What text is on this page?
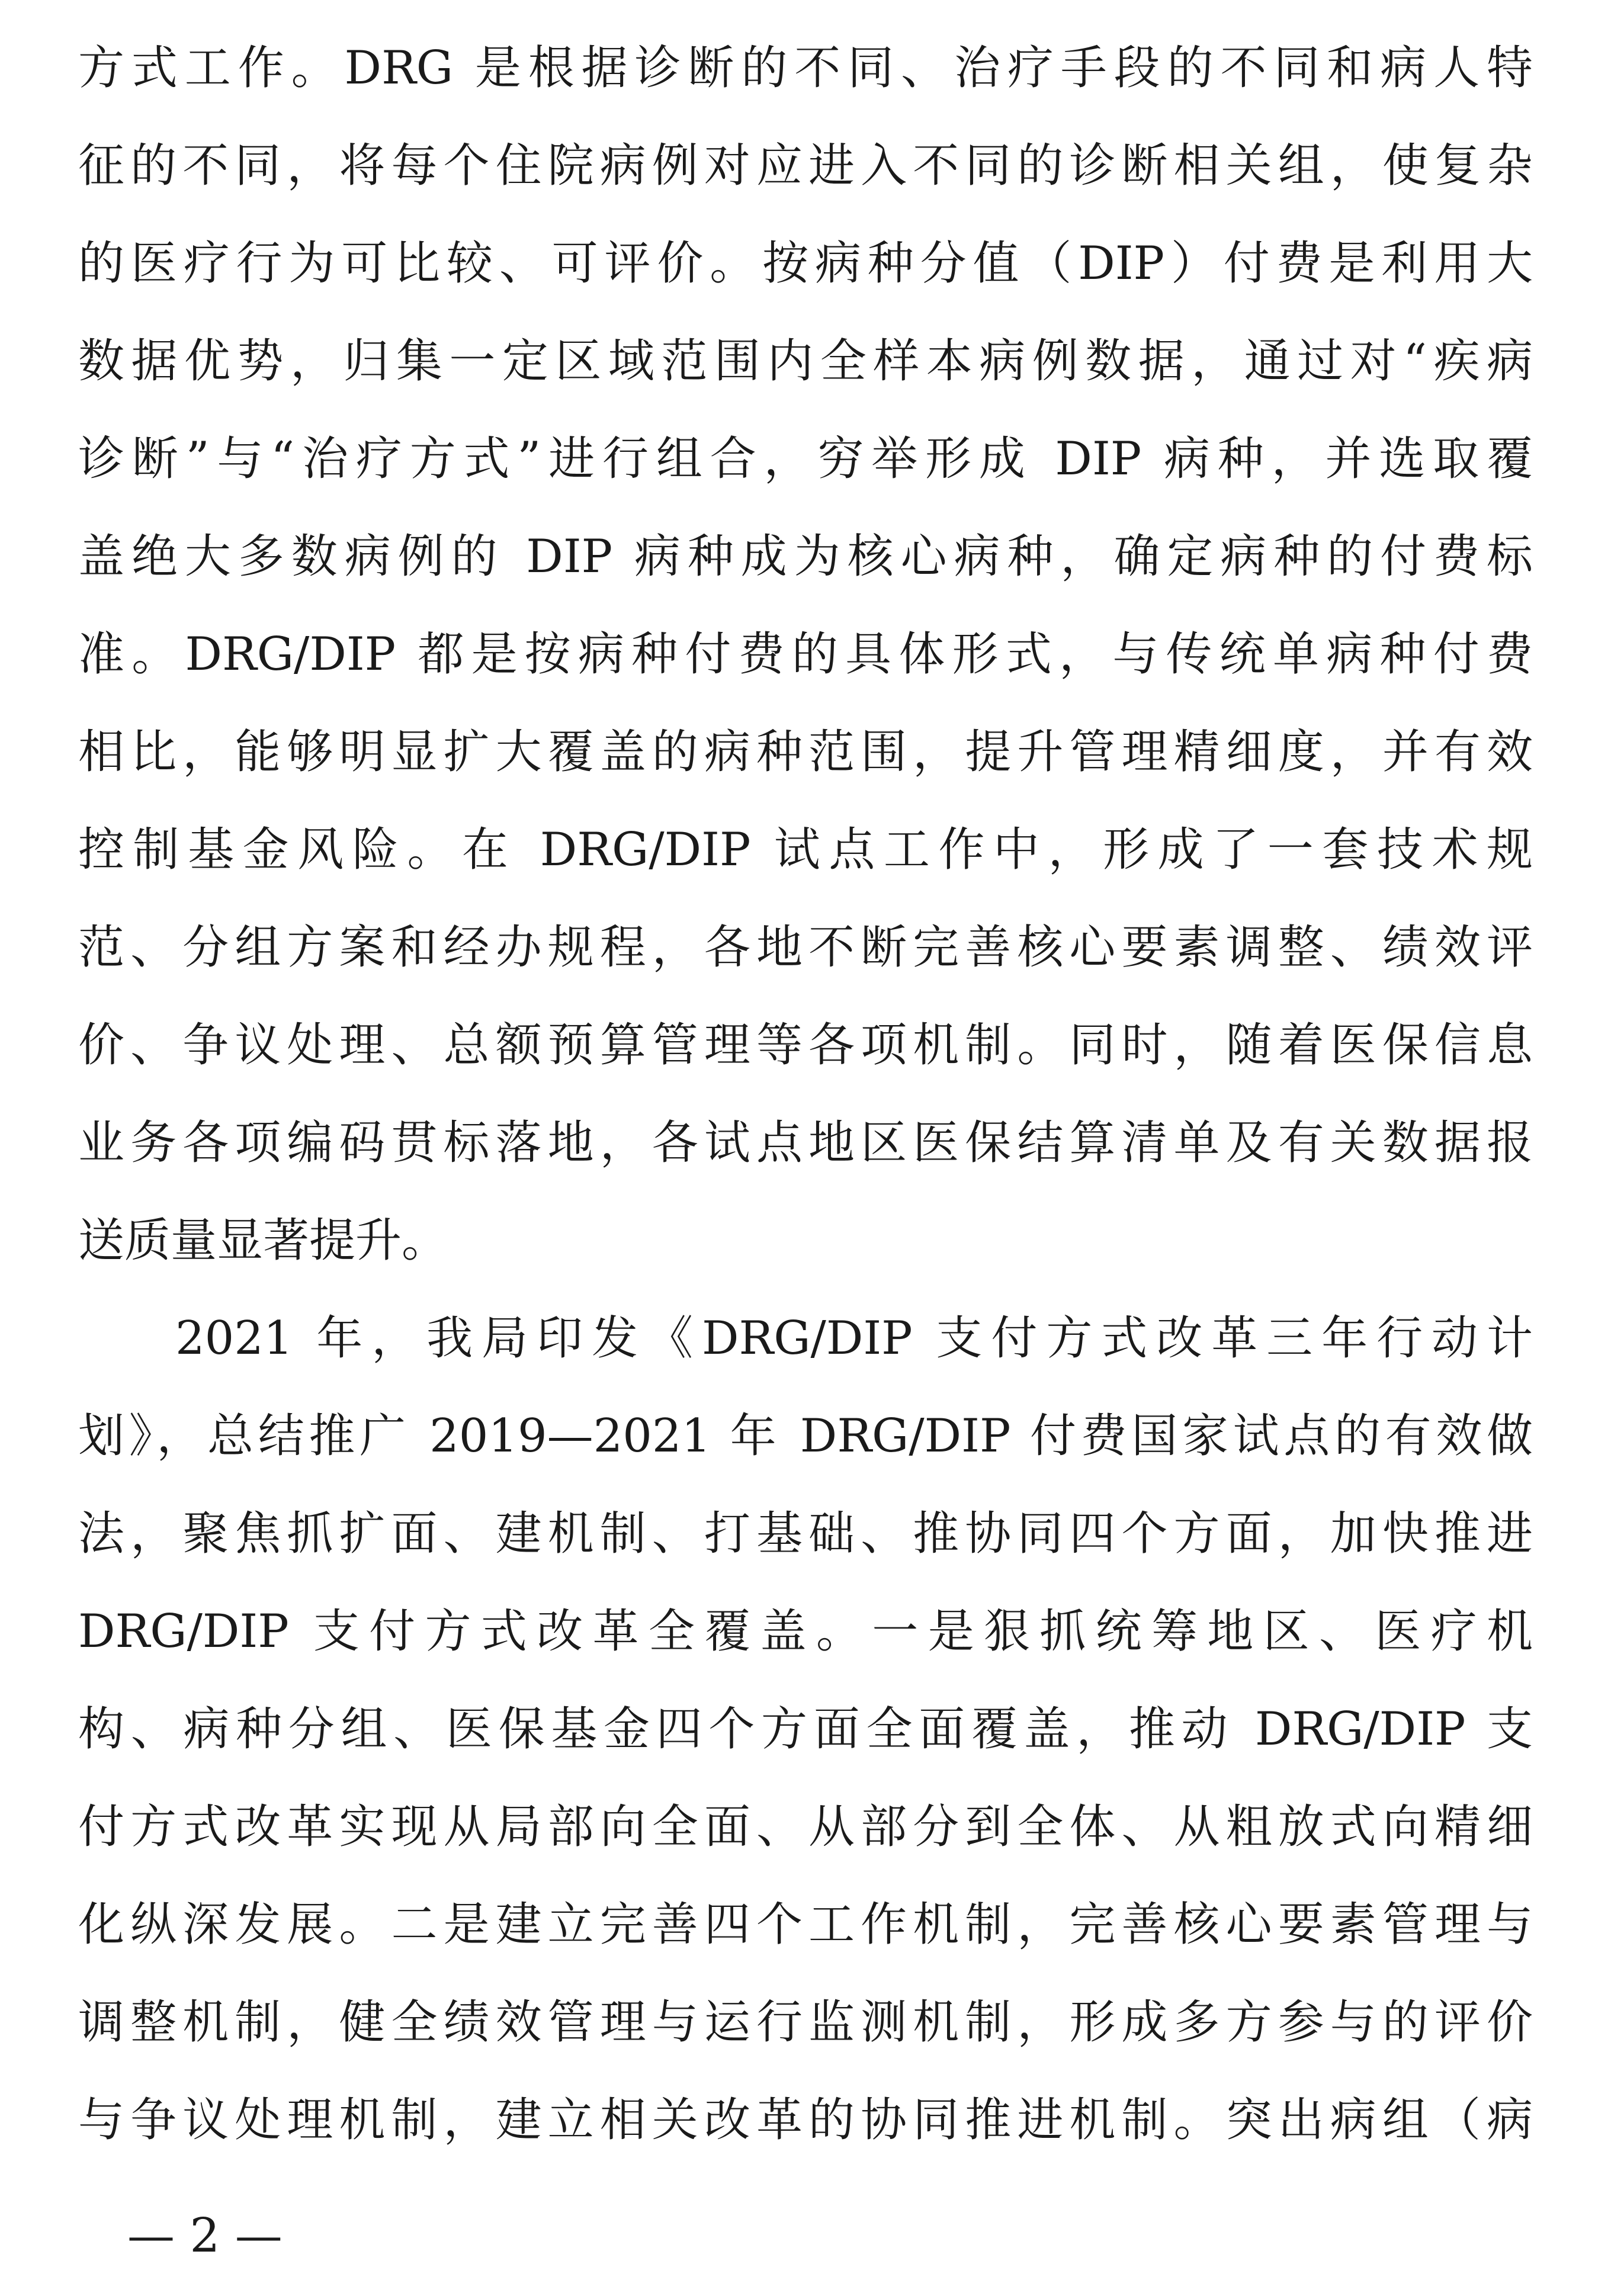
方式工作。DRG 是根据诊断的不同、治疗手段的不同和病人特
征的不同，将每个住院病例对应进入不同的诊断相关组，使复杂
的医疗行为可比较、可评价。按病种分值（DIP）付费是利用大
数据优势，归集一定区域范围内全样本病例数据，通过对“疾病
诊断”与“治疗方式”进行组合，穷举形成 DIP 病种，并选取覆
盖绝大多数病例的 DIP 病种成为核心病种，确定病种的付费标
准。DRG/DIP 都是按病种付费的具体形式，与传统单病种付费
相比，能够明显扩大覆盖的病种范围，提升管理精细度，并有效
控制基金风险。在 DRG/DIP 试点工作中，形成了一套技术规
范、分组方案和经办规程，各地不断完善核心要素调整、绩效评
价、争议处理、总额预算管理等各项机制。同时，随着医保信息
业务各项编码贯标落地，各试点地区医保结算清单及有关数据报
送质量显著提升。
2021 年，我局印发《DRG/DIP 支付方式改革三年行动计
划》，总结推广 2019—2021 年 DRG/DIP 付费国家试点的有效做
法，聚焦抓扩面、建机制、打基础、推协同四个方面，加快推进
DRG/DIP 支付方式改革全覆盖。一是狠抓统筹地区、医疗机
构、病种分组、医保基金四个方面全面覆盖，推动 DRG/DIP 支
付方式改革实现从局部向全面、从部分到全体、从粗放式向精细
化纵深发展。二是建立完善四个工作机制，完善核心要素管理与
调整机制，健全绩效管理与运行监测机制，形成多方参与的评价
与争议处理机制，建立相关改革的协同推进机制。突出病组（病
— 2 —
